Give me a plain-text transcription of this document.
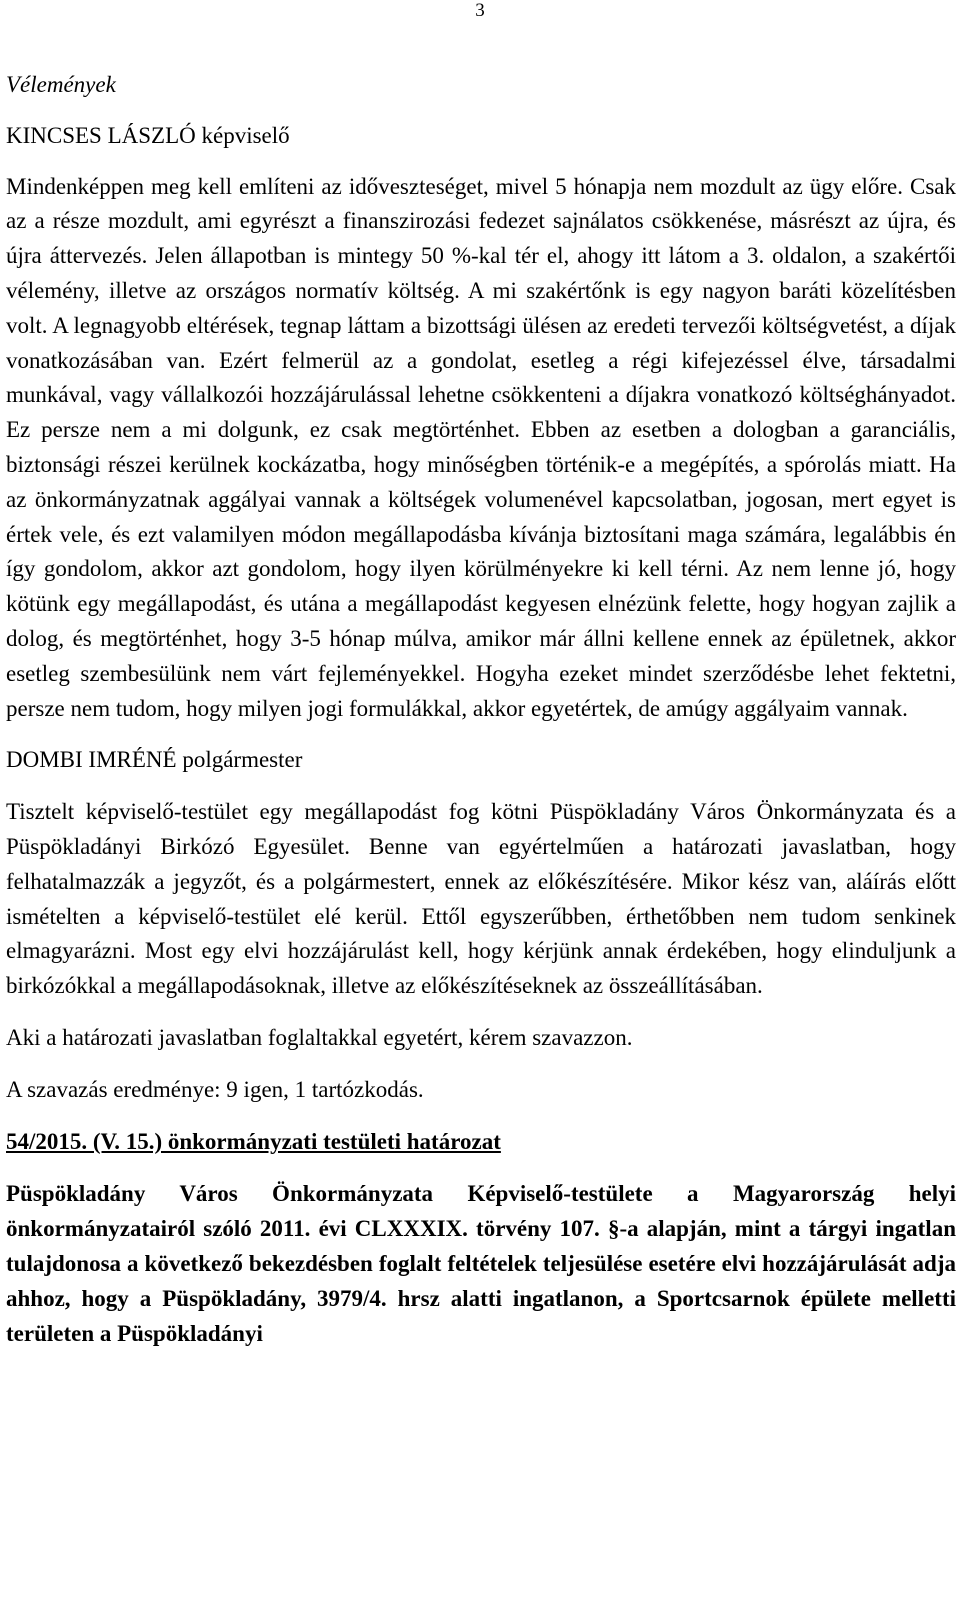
3

Vélemények

KINCSES LÁSZLÓ képviselő

Mindenképpen meg kell említeni az időveszteséget, mivel 5 hónapja nem mozdult az ügy előre. Csak az a része mozdult, ami egyrészt a finanszirozási fedezet sajnálatos csökkenése, másrészt az újra, és újra áttervezés. Jelen állapotban is mintegy 50 %-kal tér el, ahogy itt látom a 3. oldalon, a szakértői vélemény, illetve az országos normatív költség. A mi szakértőnk is egy nagyon baráti közelítésben volt. A legnagyobb eltérések, tegnap láttam a bizottsági ülésen az eredeti tervezői költségvetést, a díjak vonatkozásában van. Ezért felmerül az a gondolat, esetleg a régi kifejezéssel élve, társadalmi munkával, vagy vállalkozói hozzájárulással lehetne csökkenteni a díjakra vonatkozó költséghányadot. Ez persze nem a mi dolgunk, ez csak megtörténhet. Ebben az esetben a dologban a garanciális, biztonsági részei kerülnek kockázatba, hogy minőségben történik-e a megépítés, a spórolás miatt. Ha az önkormányzatnak aggályai vannak a költségek volumenével kapcsolatban, jogosan, mert egyet is értek vele, és ezt valamilyen módon megállapodásba kívánja biztosítani maga számára, legalábbis én így gondolom, akkor azt gondolom, hogy ilyen körülményekre ki kell térni. Az nem lenne jó, hogy kötünk egy megállapodást, és utána a megállapodást kegyesen elnézünk felette, hogy hogyan zajlik a dolog, és megtörténhet, hogy 3-5 hónap múlva, amikor már állni kellene ennek az épületnek, akkor esetleg szembesülünk nem várt fejleményekkel. Hogyha ezeket mindet szerződésbe lehet fektetni, persze nem tudom, hogy milyen jogi formulákkal, akkor egyetértek, de amúgy aggályaim vannak.

DOMBI IMRÉNÉ polgármester

Tisztelt képviselő-testület egy megállapodást fog kötni Püspökladány Város Önkormányzata és a Püspökladányi Birkózó Egyesület. Benne van egyértelműen a határozati javaslatban, hogy felhatalmazzák a jegyzőt, és a polgármestert, ennek az előkészítésére. Mikor kész van, aláírás előtt ismételten a képviselő-testület elé kerül. Ettől egyszerűbben, érthetőbben nem tudom senkinek elmagyarázni. Most egy elvi hozzájárulást kell, hogy kérjünk annak érdekében, hogy elinduljunk a birkózókkal a megállapodásoknak, illetve az előkészítéseknek az összeállításában.

Aki a határozati javaslatban foglaltakkal egyetért, kérem szavazzon.

A szavazás eredménye: 9 igen, 1 tartózkodás.

54/2015. (V. 15.) önkormányzati testületi határozat

Püspökladány Város Önkormányzata Képviselő-testülete a Magyarország helyi önkormányzatairól szóló 2011. évi CLXXXIX. törvény 107. §-a alapján, mint a tárgyi ingatlan tulajdonosa a következő bekezdésben foglalt feltételek teljesülése esetére elvi hozzájárulását adja ahhoz, hogy a Püspökladány, 3979/4. hrsz alatti ingatlanon, a Sportcsarnok épülete melletti területen a Püspökladányi
